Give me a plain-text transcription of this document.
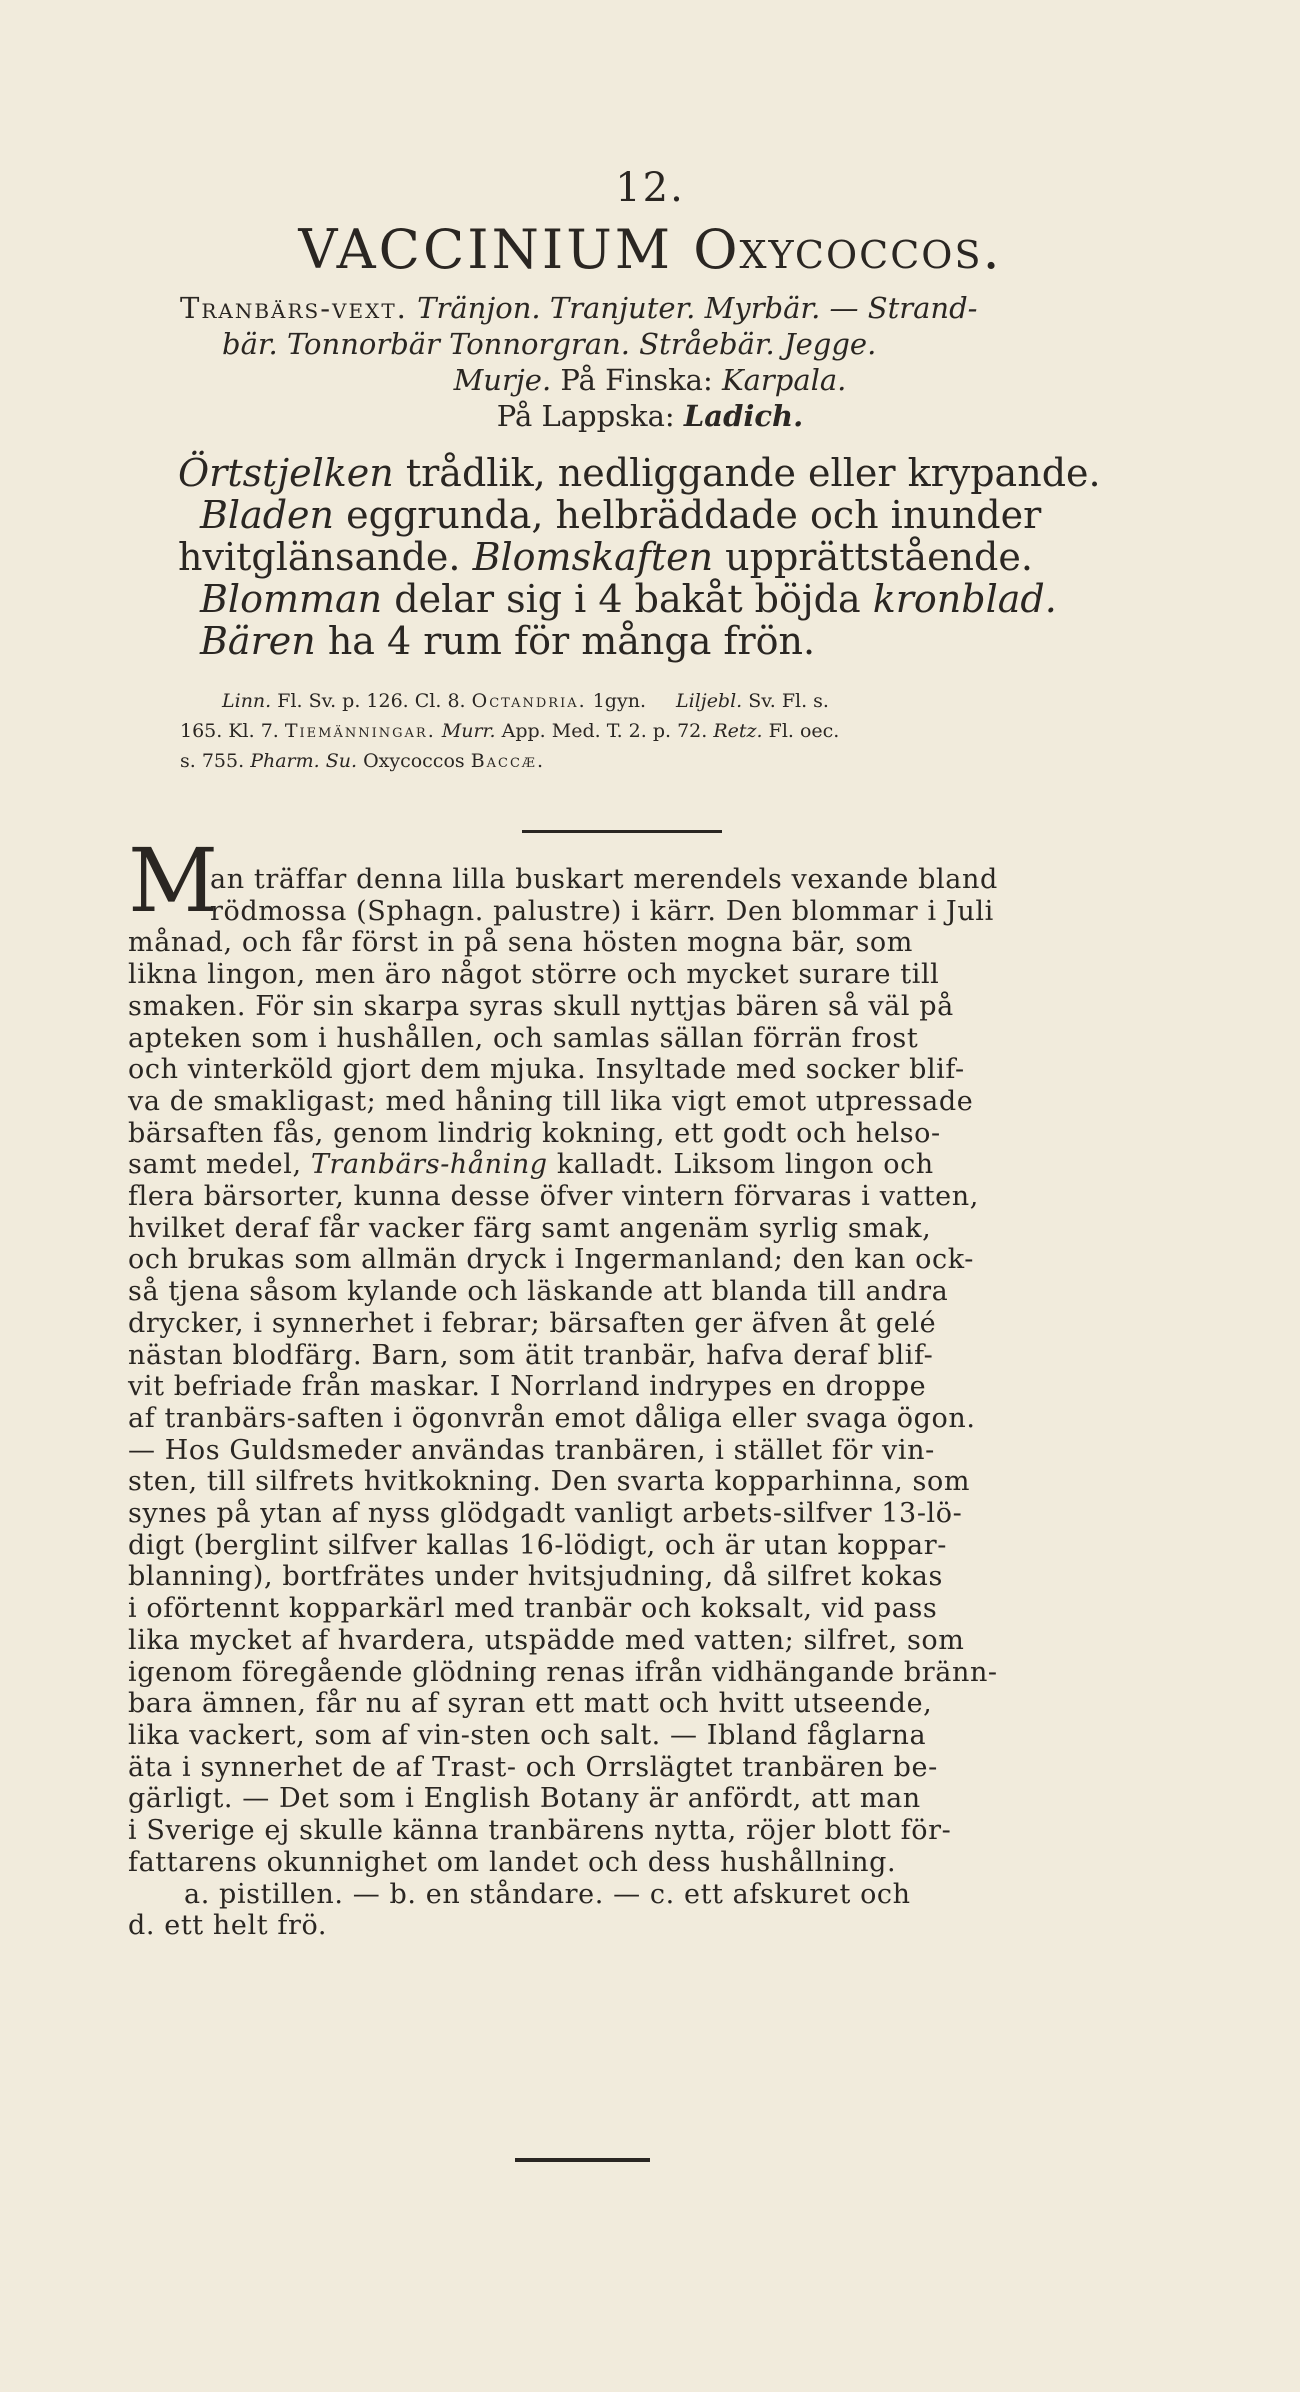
12.
VACCINIUM Oxycoccos.
Tranbärs-vext. Tränjon. Tranjuter. Myrbär. — Strand-
bär. Tonnorbär Tonnorgran. Stråebär. Jegge.
Murje. På Finska: Karpala.
På Lappska: Ladich.
Örtstjelken trådlik, nedliggande eller krypande.
Bladen eggrunda, helbräddade och inunder
hvitglänsande. Blomskaften upprättstående.
Blomman delar sig i 4 bakåt böjda kronblad.
Bären ha 4 rum för många frön.
Linn. Fl. Sv. p. 126. Cl. 8. Octandria. 1gyn. Liljebl. Sv. Fl. s.
165. Kl. 7. Tiemänningar. Murr. App. Med. T. 2. p. 72. Retz. Fl. oec.
s. 755. Pharm. Su. Oxycoccos Baccæ.
M
an träffar denna lilla buskart merendels vexande bland
rödmossa (Sphagn. palustre) i kärr. Den blommar i Juli
månad, och får först in på sena hösten mogna bär, som
likna lingon, men äro något större och mycket surare till
smaken. För sin skarpa syras skull nyttjas bären så väl på
apteken som i hushållen, och samlas sällan förrän frost
och vinterköld gjort dem mjuka. Insyltade med socker blif-
va de smakligast; med håning till lika vigt emot utpressade
bärsaften fås, genom lindrig kokning, ett godt och helso-
samt medel, Tranbärs-håning kalladt. Liksom lingon och
flera bärsorter, kunna desse öfver vintern förvaras i vatten,
hvilket deraf får vacker färg samt angenäm syrlig smak,
och brukas som allmän dryck i Ingermanland; den kan ock-
så tjena såsom kylande och läskande att blanda till andra
drycker, i synnerhet i febrar; bärsaften ger äfven åt gelé
nästan blodfärg. Barn, som ätit tranbär, hafva deraf blif-
vit befriade från maskar. I Norrland indrypes en droppe
af tranbärs-saften i ögonvrån emot dåliga eller svaga ögon.
— Hos Guldsmeder användas tranbären, i stället för vin-
sten, till silfrets hvitkokning. Den svarta kopparhinna, som
synes på ytan af nyss glödgadt vanligt arbets-silfver 13-lö-
digt (berglint silfver kallas 16-lödigt, och är utan koppar-
blanning), bortfrätes under hvitsjudning, då silfret kokas
i oförtennt kopparkärl med tranbär och koksalt, vid pass
lika mycket af hvardera, utspädde med vatten; silfret, som
igenom föregående glödning renas ifrån vidhängande bränn-
bara ämnen, får nu af syran ett matt och hvitt utseende,
lika vackert, som af vin-sten och salt. — Ibland fåglarna
äta i synnerhet de af Trast- och Orrslägtet tranbären be-
gärligt. — Det som i English Botany är anfördt, att man
i Sverige ej skulle känna tranbärens nytta, röjer blott för-
fattarens okunnighet om landet och dess hushållning.
a. pistillen. — b. en ståndare. — c. ett afskuret och
d. ett helt frö.
